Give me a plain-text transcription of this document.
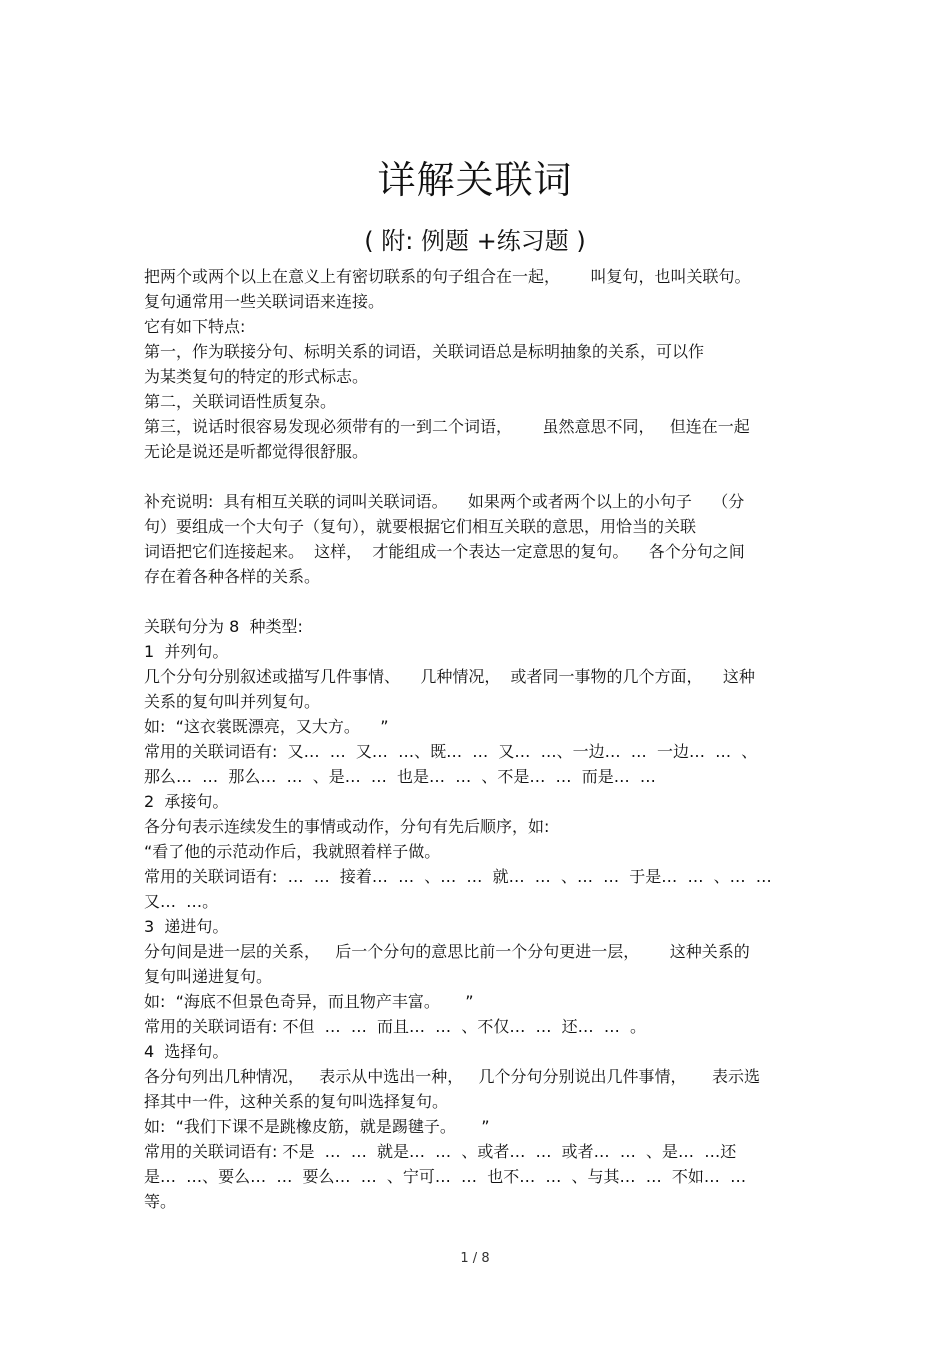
详解关联词
( 附: 例题 +练习题 )
把两个或两个以上在意义上有密切联系的句子组合在一起，      叫复句，也叫关联句。
复句通常用一些关联词语来连接。
它有如下特点:
第一，作为联接分句、标明关系的词语，关联词语总是标明抽象的关系，可以作
为某类复句的特定的形式标志。
第二，关联词语性质复杂。
第三，说话时很容易发现必须带有的一到二个词语，      虽然意思不同，   但连在一起
无论是说还是听都觉得很舒服。
补充说明:  具有相互关联的词叫关联词语。    如果两个或者两个以上的小句子    （分
句）要组成一个大句子（复句），就要根据它们相互关联的意思，用恰当的关联
词语把它们连接起来。  这样，  才能组成一个表达一定意思的复句。    各个分句之间
存在着各种各样的关系。
关联句分为 8  种类型:
1  并列句。
几个分句分别叙述或描写几件事情、    几种情况，  或者同一事物的几个方面，    这种
关系的复句叫并列复句。
如:  “这衣裳既漂亮，又大方。    ”
常用的关联词语有:  又…  …  又…  …、既…  …  又…  …、一边…  …  一边…  …  、
那么…  …  那么…  …  、是…  …  也是…  …  、不是…  …  而是…  …
2  承接句。
各分句表示连续发生的事情或动作，分句有先后顺序，如:
“看了他的示范动作后，我就照着样子做。
常用的关联词语有:  …  …  接着…  …  、…  …  就…  …  、…  …  于是…  …  、…  …
又…  …。
3  递进句。
分句间是进一层的关系，   后一个分句的意思比前一个分句更进一层，      这种关系的
复句叫递进复句。
如:  “海底不但景色奇异，而且物产丰富。     ”
常用的关联词语有: 不但  …  …  而且…  …  、不仅…  …  还…  …  。
4  选择句。
各分句列出几种情况，   表示从中选出一种，   几个分句分别说出几件事情，     表示选
择其中一件，这种关系的复句叫选择复句。
如:  “我们下课不是跳橡皮筋，就是踢毽子。     ”
常用的关联词语有: 不是  …  …  就是…  …  、或者…  …  或者…  …  、是…  …还
是…  …、要么…  …  要么…  …  、宁可…  …  也不…  …  、与其…  …  不如…  …
等。
1 / 8
